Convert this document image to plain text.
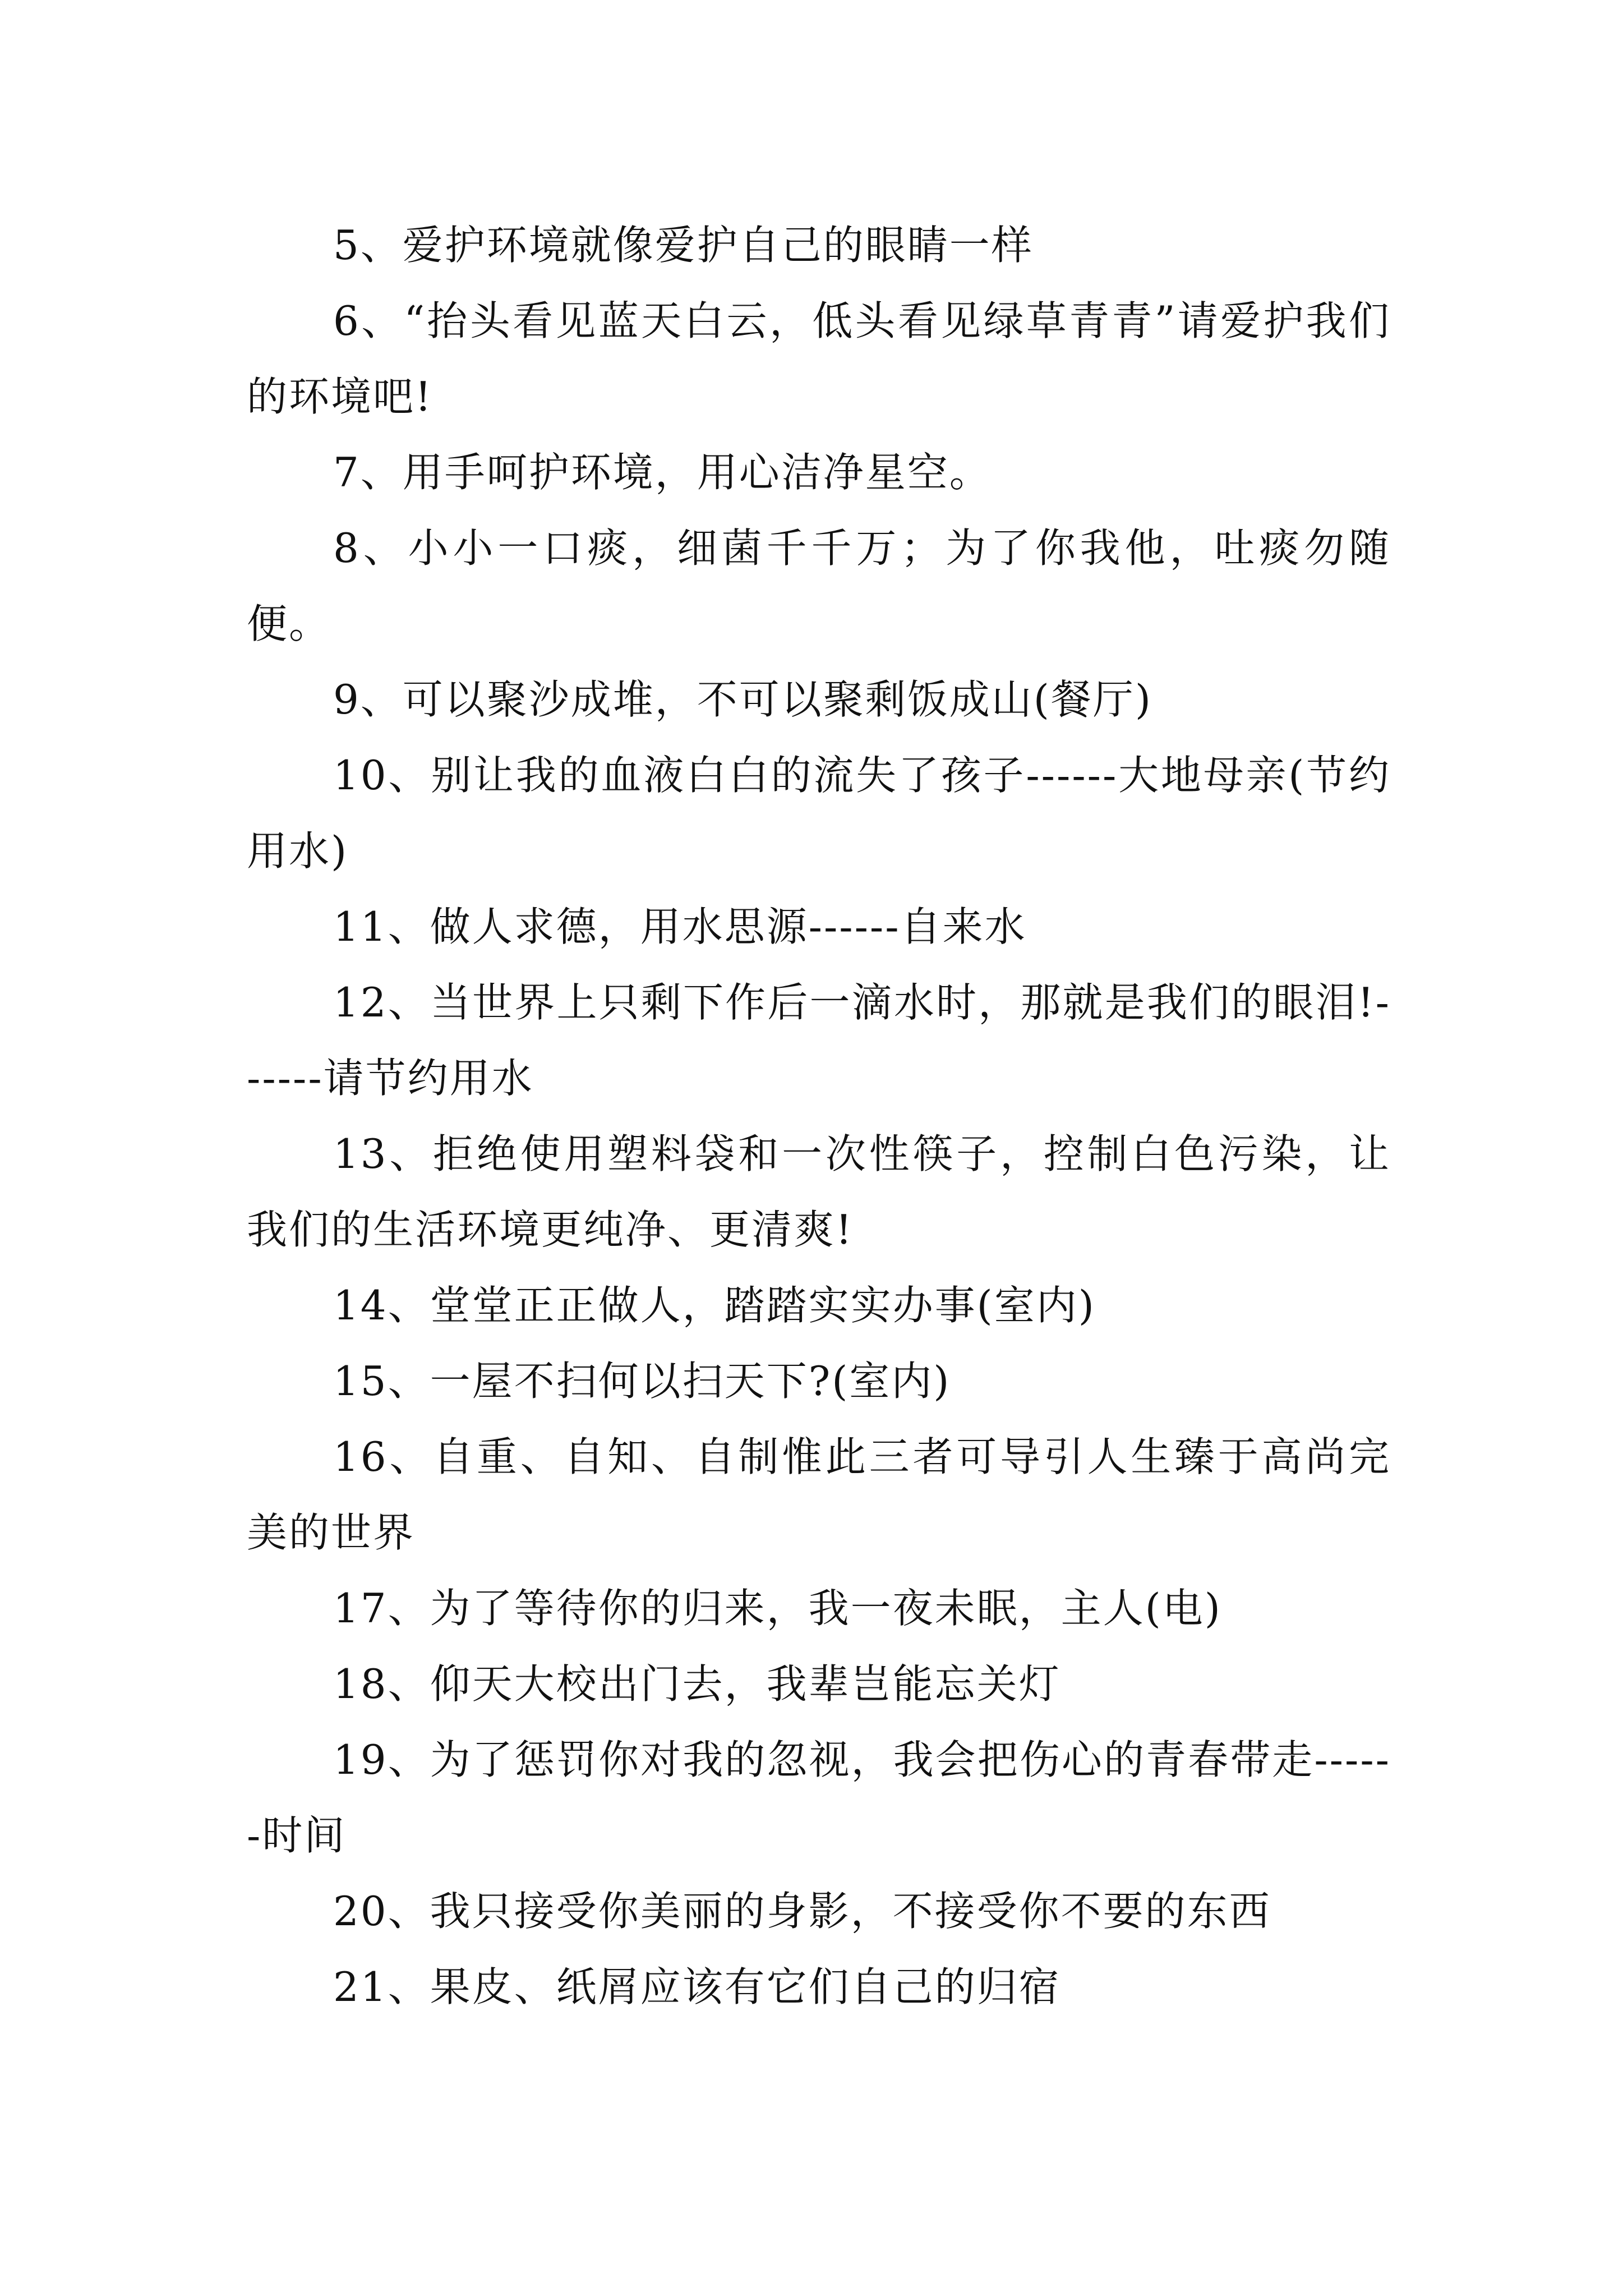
5、爱护环境就像爱护自己的眼睛一样

6、“抬头看见蓝天白云，低头看见绿草青青”请爱护我们的环境吧!

7、用手呵护环境，用心洁净星空。

8、小小一口痰，细菌千千万；为了你我他，吐痰勿随便。

9、可以聚沙成堆，不可以聚剩饭成山(餐厅)

10、别让我的血液白白的流失了孩子------大地母亲(节约用水)

11、做人求德，用水思源------自来水

12、当世界上只剩下作后一滴水时，那就是我们的眼泪!------请节约用水

13、拒绝使用塑料袋和一次性筷子，控制白色污染，让我们的生活环境更纯净、更清爽!

14、堂堂正正做人，踏踏实实办事(室内)

15、一屋不扫何以扫天下?(室内)

16、自重、自知、自制惟此三者可导引人生臻于高尚完美的世界

17、为了等待你的归来，我一夜未眠，主人(电)

18、仰天大校出门去，我辈岂能忘关灯

19、为了惩罚你对我的忽视，我会把伤心的青春带走------时间

20、我只接受你美丽的身影，不接受你不要的东西

21、果皮、纸屑应该有它们自己的归宿
